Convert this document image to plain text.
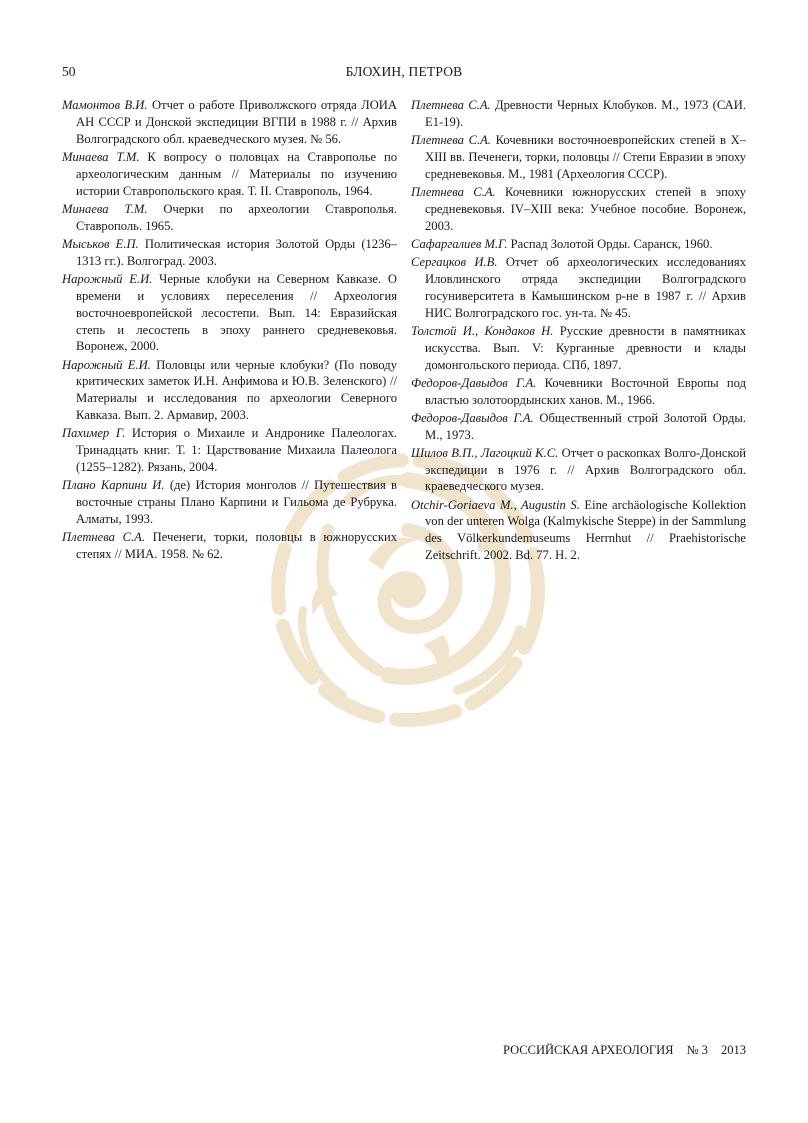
50	БЛОХИН, ПЕТРОВ

Мамонтов В.И. Отчет о работе Приволжского отряда ЛОИА АН СССР и Донской экспедиции ВГПИ в 1988 г. // Архив Волгоградского обл. краеведческого музея. № 56.

Минаева Т.М. К вопросу о половцах на Ставрополье по археологическим данным // Материалы по изучению истории Ставропольского края. Т. II. Ставрополь, 1964.

Минаева Т.М. Очерки по археологии Ставрополья. Ставрополь. 1965.

Мыськов Е.П. Политическая история Золотой Орды (1236–1313 гг.). Волгоград. 2003.

Нарожный Е.И. Черные клобуки на Северном Кавказе. О времени и условиях переселения // Археология восточноевропейской лесостепи. Вып. 14: Евразийская степь и лесостепь в эпоху раннего средневековья. Воронеж, 2000.

Нарожный Е.И. Половцы или черные клобуки? (По поводу критических заметок И.Н. Анфимова и Ю.В. Зеленского) // Материалы и исследования по археологии Северного Кавказа. Вып. 2. Армавир, 2003.

Пахимер Г. История о Михаиле и Андронике Палеологах. Тринадцать книг. Т. 1: Царствование Михаила Палеолога (1255–1282). Рязань, 2004.

Плано Карпини И. (де) История монголов // Путешествия в восточные страны Плано Карпини и Гильома де Рубрука. Алматы, 1993.

Плетнева С.А. Печенеги, торки, половцы в южнорусских степях // МИА. 1958. № 62.

Плетнева С.А. Древности Черных Клобуков. М., 1973 (САИ. Е1-19).

Плетнева С.А. Кочевники восточноевропейских степей в X–XIII вв. Печенеги, торки, половцы // Степи Евразии в эпоху средневековья. М., 1981 (Археология СССР).

Плетнева С.А. Кочевники южнорусских степей в эпоху средневековья. IV–XIII века: Учебное пособие. Воронеж, 2003.

Сафаргалиев М.Г. Распад Золотой Орды. Саранск, 1960.

Сергацков И.В. Отчет об археологических исследованиях Иловлинского отряда экспедиции Волгоградского госуниверситета в Камышинском р-не в 1987 г. // Архив НИС Волгоградского гос. ун-та. № 45.

Толстой И., Кондаков Н. Русские древности в памятниках искусства. Вып. V: Курганные древности и клады домонгольского периода. СПб, 1897.

Федоров-Давыдов Г.А. Кочевники Восточной Европы под властью золотоордынских ханов. М., 1966.

Федоров-Давыдов Г.А. Общественный строй Золотой Орды. М., 1973.

Шилов В.П., Лагоцкий К.С. Отчет о раскопках Волго-Донской экспедиции в 1976 г. // Архив Волгоградского обл. краеведческого музея.

Otchir-Goriaeva M., Augustin S. Eine archäologische Kollektion von der unteren Wolga (Kalmykische Steppe) in der Sammlung des Völkerkundemuseums Herrnhut // Praehistorische Zeitschrift. 2002. Bd. 77. H. 2.

РОССИЙСКАЯ АРХЕОЛОГИЯ № 3 2013
